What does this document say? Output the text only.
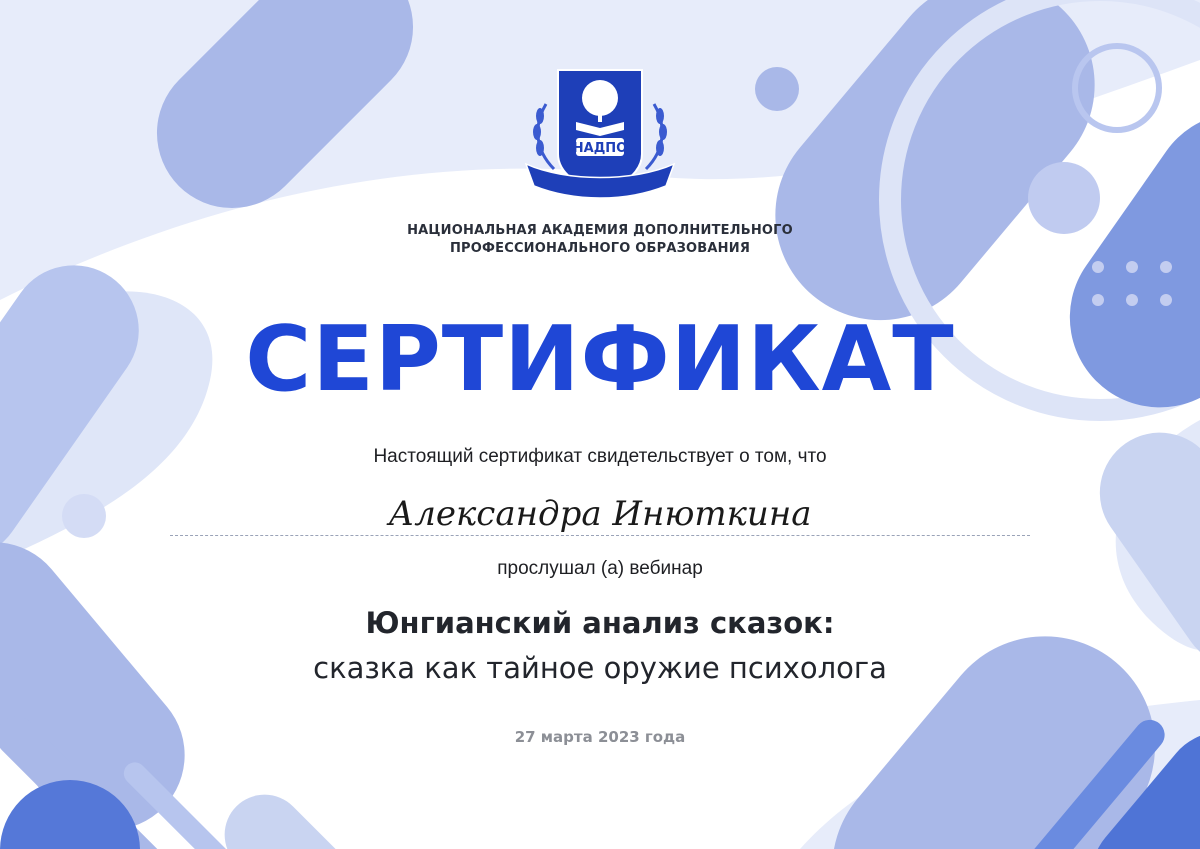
НАДПО
НАЦИОНАЛЬНАЯ АКАДЕМИЯ ДОПОЛНИТЕЛЬНОГО
ПРОФЕССИОНАЛЬНОГО ОБРАЗОВАНИЯ
СЕРТИФИКАТ
Настоящий сертификат свидетельствует о том, что
Александра Инюткина
прослушал (а) вебинар
Юнгианский анализ сказок:
сказка как тайное оружие психолога
27 марта 2023 года
